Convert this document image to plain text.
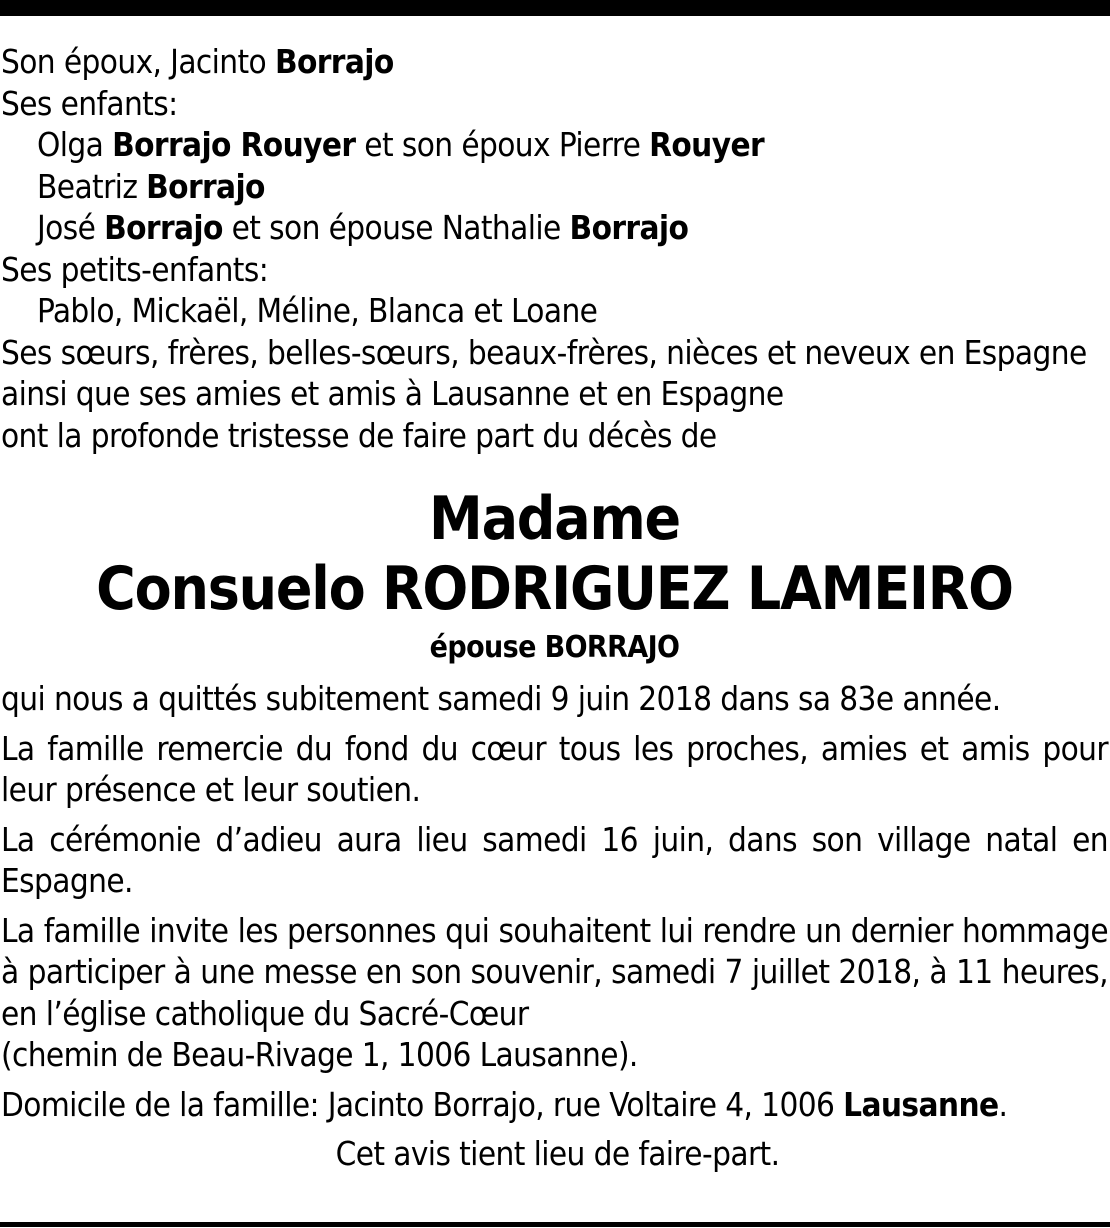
Son époux, Jacinto Borrajo
Ses enfants:
Olga Borrajo Rouyer et son époux Pierre Rouyer
Beatriz Borrajo
José Borrajo et son épouse Nathalie Borrajo
Ses petits-enfants:
Pablo, Mickaël, Méline, Blanca et Loane
Ses sœurs, frères, belles-sœurs, beaux-frères, nièces et neveux en Espagne
ainsi que ses amies et amis à Lausanne et en Espagne
ont la profonde tristesse de faire part du décès de
Madame
Consuelo RODRIGUEZ LAMEIRO
épouse BORRAJO
qui nous a quittés subitement samedi 9 juin 2018 dans sa 83e année.
La famille remercie du fond du cœur tous les proches, amies et amis pour leur présence et leur soutien.
La cérémonie d’adieu aura lieu samedi 16 juin, dans son village natal en Espagne.
La famille invite les personnes qui souhaitent lui rendre un dernier hommage à participer à une messe en son souvenir, samedi 7 juillet 2018, à 11 heures, en l’église catholique du Sacré-Cœur
(chemin de Beau-Rivage 1, 1006 Lausanne).
Domicile de la famille: Jacinto Borrajo, rue Voltaire 4, 1006 Lausanne.
Cet avis tient lieu de faire-part.
